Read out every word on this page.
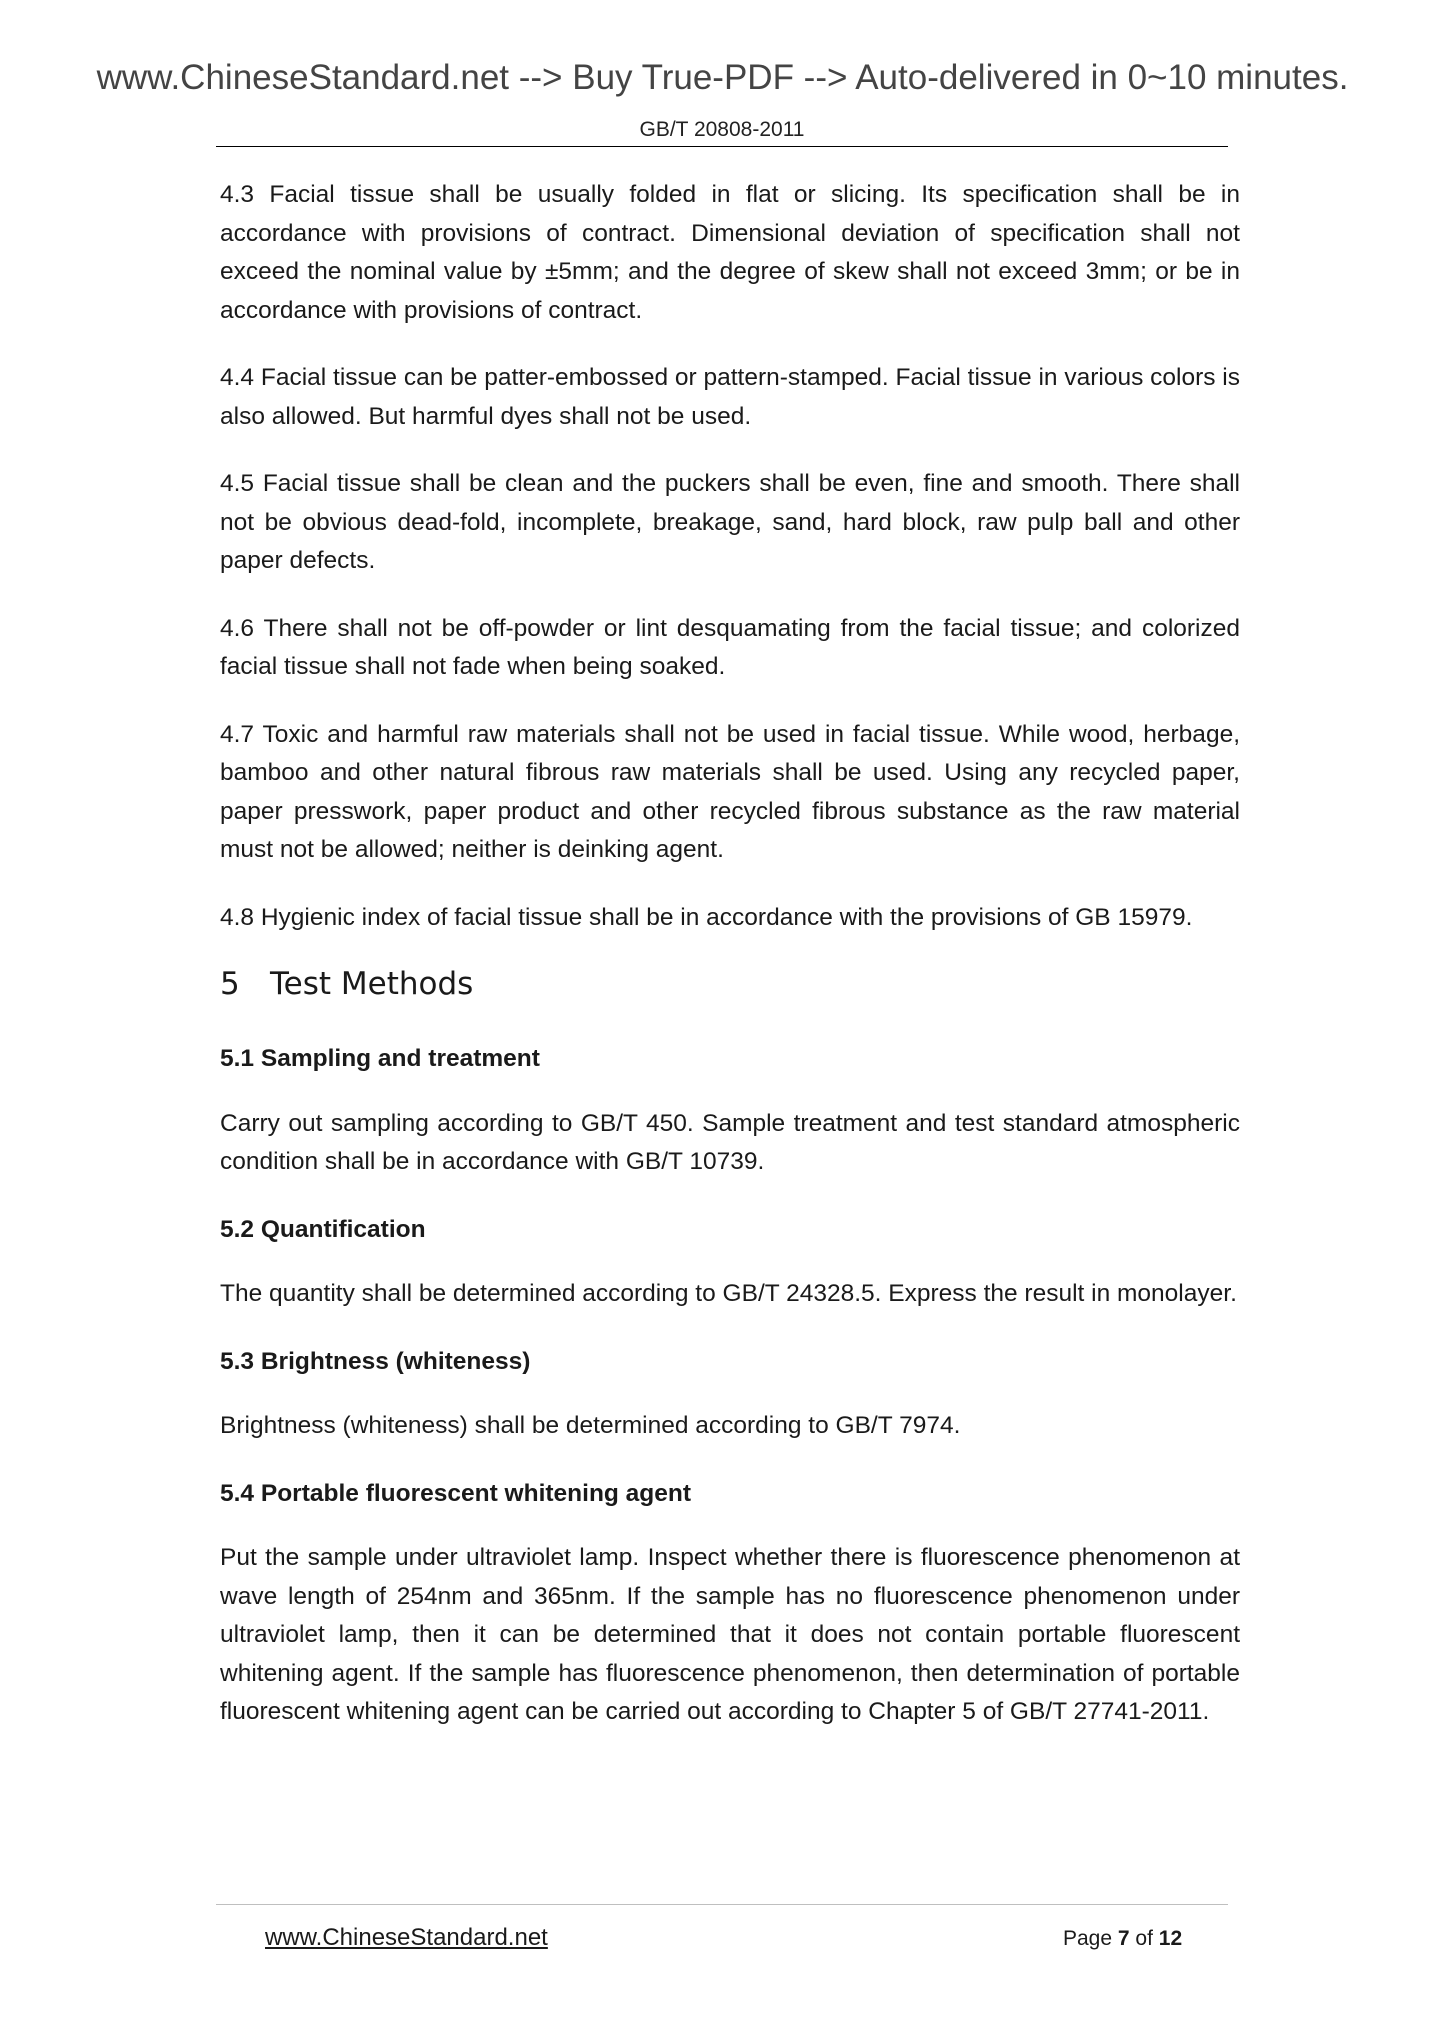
www.ChineseStandard.net --> Buy True-PDF --> Auto-delivered in 0~10 minutes.
GB/T 20808-2011

4.3 Facial tissue shall be usually folded in flat or slicing. Its specification shall be in accordance with provisions of contract. Dimensional deviation of specification shall not exceed the nominal value by ±5mm; and the degree of skew shall not exceed 3mm; or be in accordance with provisions of contract.

4.4 Facial tissue can be patter-embossed or pattern-stamped. Facial tissue in various colors is also allowed. But harmful dyes shall not be used.

4.5 Facial tissue shall be clean and the puckers shall be even, fine and smooth. There shall not be obvious dead-fold, incomplete, breakage, sand, hard block, raw pulp ball and other paper defects.

4.6 There shall not be off-powder or lint desquamating from the facial tissue; and colorized facial tissue shall not fade when being soaked.

4.7 Toxic and harmful raw materials shall not be used in facial tissue. While wood, herbage, bamboo and other natural fibrous raw materials shall be used. Using any recycled paper, paper presswork, paper product and other recycled fibrous substance as the raw material must not be allowed; neither is deinking agent.

4.8 Hygienic index of facial tissue shall be in accordance with the provisions of GB 15979.

5 Test Methods
5.1 Sampling and treatment

Carry out sampling according to GB/T 450. Sample treatment and test standard atmospheric condition shall be in accordance with GB/T 10739.

5.2 Quantification

The quantity shall be determined according to GB/T 24328.5. Express the result in monolayer.

5.3 Brightness (whiteness)

Brightness (whiteness) shall be determined according to GB/T 7974.

5.4 Portable fluorescent whitening agent

Put the sample under ultraviolet lamp. Inspect whether there is fluorescence phenomenon at wave length of 254nm and 365nm. If the sample has no fluorescence phenomenon under ultraviolet lamp, then it can be determined that it does not contain portable fluorescent whitening agent. If the sample has fluorescence phenomenon, then determination of portable fluorescent whitening agent can be carried out according to Chapter 5 of GB/T 27741-2011.

www.ChineseStandard.net	Page 7 of 12
